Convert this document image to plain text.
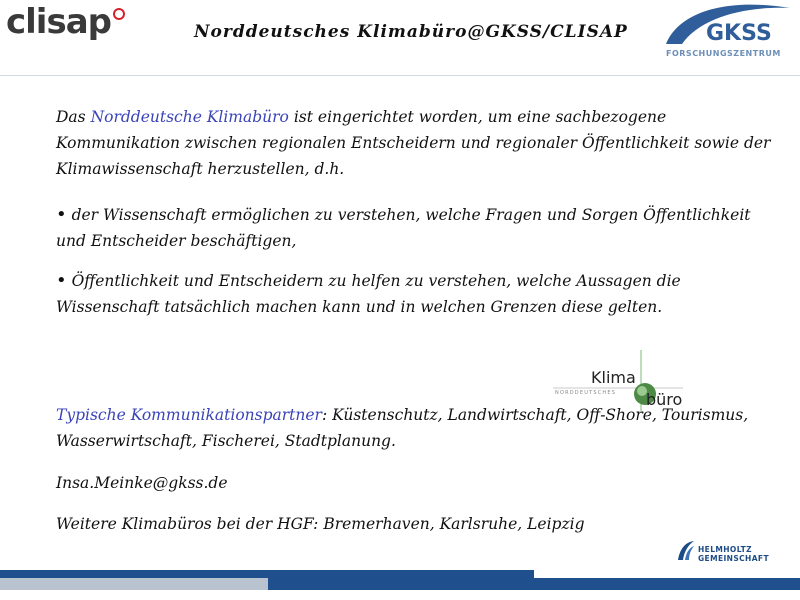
clisap	Norddeutsches Klimabüro@GKSS/CLISAP	GKSS
FORSCHUNGSZENTRUM

Das Norddeutsche Klimabüro ist eingerichtet worden, um eine sachbezogene Kommunikation zwischen regionalen Entscheidern und regionaler Öffentlichkeit sowie der Klimawissenschaft herzustellen, d.h.

• der Wissenschaft ermöglichen zu verstehen, welche Fragen und Sorgen Öffentlichkeit und Entscheider beschäftigen,

• Öffentlichkeit und Entscheidern zu helfen zu verstehen, welche Aussagen die Wissenschaft tatsächlich machen kann und in welchen Grenzen diese gelten.

Typische Kommunikationspartner: Küstenschutz, Landwirtschaft, Off-Shore, Tourismus, Wasserwirtschaft, Fischerei, Stadtplanung.

Insa.Meinke@gkss.de

Weitere Klimabüros bei der HGF: Bremerhaven, Karlsruhe, Leipzig

Klima
büro
NORDDEUTSCHES
HELMHOLTZ
GEMEINSCHAFT
